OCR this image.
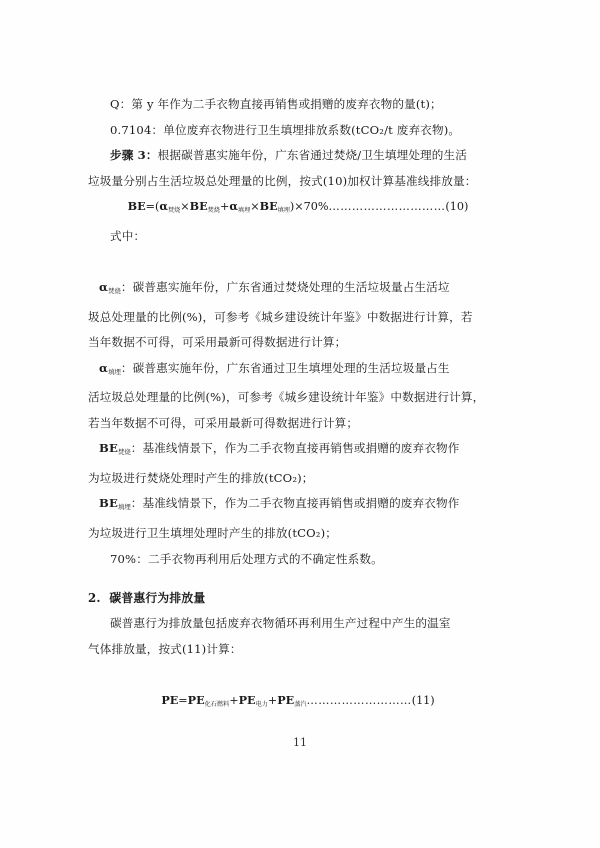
Q：第 y 年作为二手衣物直接再销售或捐赠的废弃衣物的量(t)；
0.7104：单位废弃衣物进行卫生填埋排放系数(tCO₂/t 废弃衣物)。
步骤 3：根据碳普惠实施年份，广东省通过焚烧/卫生填埋处理的生活
垃圾量分别占生活垃圾总处理量的比例，按式(10)加权计算基准线排放量：
$BE=(\alpha_{焚烧}\times BE_{焚烧}+\alpha_{填埋}\times BE_{填埋})\times 70\%\dots\dots\dots\dots\dots\dots\dots\dots\dots\dots(10)$
式中：
$\alpha_{焚烧}$：碳普惠实施年份，广东省通过焚烧处理的生活垃圾量占生活垃
圾总处理量的比例(%)，可参考《城乡建设统计年鉴》中数据进行计算，若
当年数据不可得，可采用最新可得数据进行计算；
$\alpha_{填埋}$：碳普惠实施年份，广东省通过卫生填埋处理的生活垃圾量占生
活垃圾总处理量的比例(%)，可参考《城乡建设统计年鉴》中数据进行计算，
若当年数据不可得，可采用最新可得数据进行计算；
$BE_{焚烧}$：基准线情景下，作为二手衣物直接再销售或捐赠的废弃衣物作
为垃圾进行焚烧处理时产生的排放(tCO₂)；
$BE_{填埋}$：基准线情景下，作为二手衣物直接再销售或捐赠的废弃衣物作
为垃圾进行卫生填埋处理时产生的排放(tCO₂)；
70%：二手衣物再利用后处理方式的不确定性系数。
2. 碳普惠行为排放量
碳普惠行为排放量包括废弃衣物循环再利用生产过程中产生的温室
气体排放量，按式(11)计算：
$PE=PE_{化石燃料}+PE_{电力}+PE_{蒸汽}\dots\dots\dots\dots\dots\dots\dots\dots\dots(11)$
11
